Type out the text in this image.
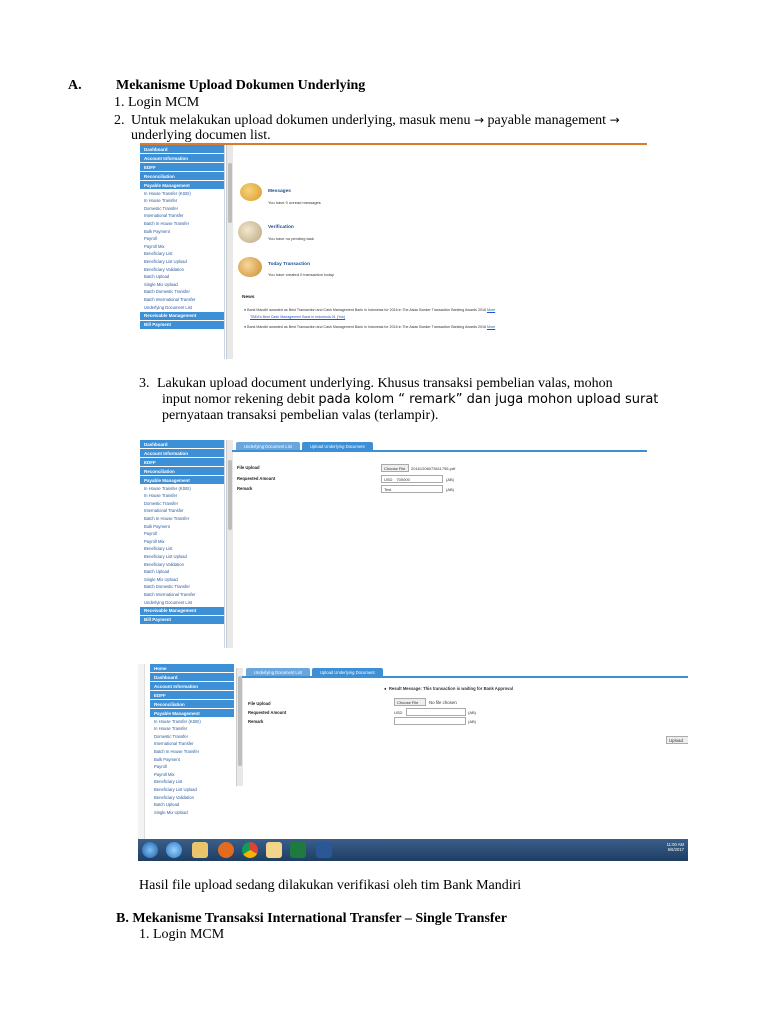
A. Mekanisme Upload Dokumen Underlying
1. Login MCM
2. Untuk melakukan upload dokumen underlying, masuk menu → payable management →
underlying documen list.
Dashboard
Account Information
EDFF
Reconciliation
Payable Management
In House Transfer (KSEI)
In House Transfer
Domestic Transfer
International Transfer
Batch In House Transfer
Bulk Payment
Payroll
Payroll Mix
Beneficiary List
Beneficiary List Upload
Beneficiary Validation
Batch Upload
Single Mix Upload
Batch Domestic Transfer
Batch International Transfer
Underlying Document List
Receivable Management
Bill Payment
Messages
You have 0 unread messages
Verification
You have no pending task
Today Transaction
You have created 0 transaction today
News
● Bank Mandiri awarded as Best Transaction and Cash Management Bank in Indonesia for 2016 in The Asian Banker Transaction Banking Awards 2016 More
TBEA’s Best Cash Management Bank in Indonesia 01 (Yuk)
● Bank Mandiri awarded as Best Transaction and Cash Management Bank in Indonesia for 2016 in The Asian Banker Transaction Banking Awards 2016 More
3. Lakukan upload document underlying. Khusus transaksi pembelian valas, mohon
input nomor rekening debit pada kolom “ remark” dan juga mohon upload surat
pernyataan transaksi pembelian valas (terlampir).
Dashboard
Account Information
EDFF
Reconciliation
Payable Management
In House Transfer (KSEI)
In House Transfer
Domestic Transfer
International Transfer
Batch In House Transfer
Bulk Payment
Payroll
Payroll Mix
Beneficiary List
Beneficiary List Upload
Beneficiary Validation
Batch Upload
Single Mix Upload
Batch Domestic Transfer
Batch International Transfer
Underlying Document List
Receivable Management
Bill Payment
Underlying Document List	Upload Underlying Document
File Upload	Choose File	20161206073611755.pdf
Requested Amount	USD 700000	(AB)
Remark	Test	(AB)
Home
Dashboard
Account Information
EDFF
Reconciliation
Payable Management
In House Transfer (KSEI)
In House Transfer
Domestic Transfer
International Transfer
Batch In House Transfer
Bulk Payment
Payroll
Payroll Mix
Beneficiary List
Beneficiary List Upload
Beneficiary Validation
Batch Upload
Single Mix Upload
Underlying Document List	Upload Underlying Document
●  Result Message: This transaction is waiting for Bank Approval
File Upload	Choose File	No file chosen
Requested Amount	USD	(AB)
Remark	(AB)
Upload
11:00 AM
6/6/2017
Hasil file upload sedang dilakukan verifikasi oleh tim Bank Mandiri
B. Mekanisme Transaksi International Transfer – Single Transfer
1. Login MCM
